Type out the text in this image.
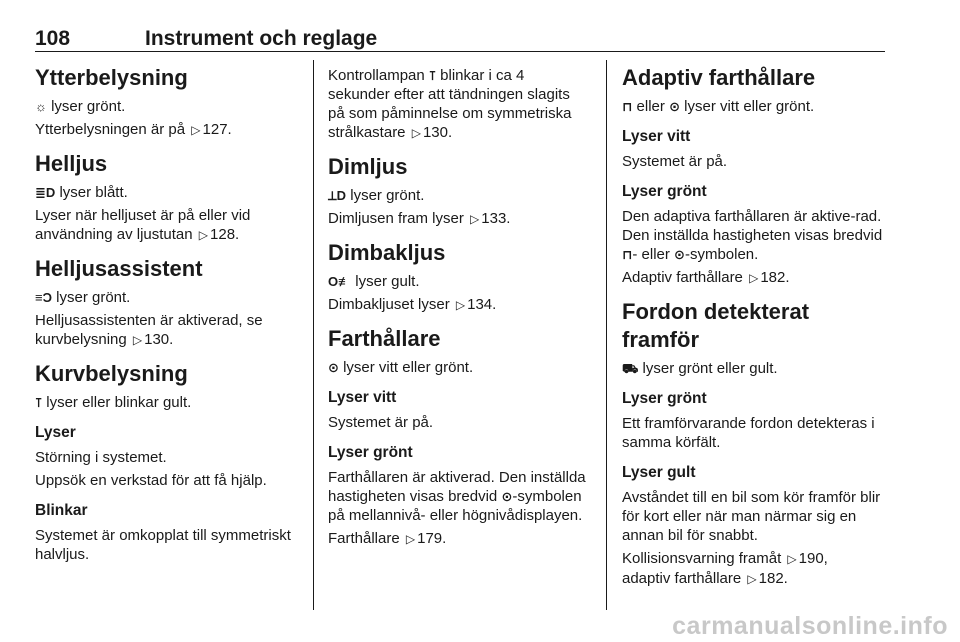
108	Instrument och reglage
Ytterbelysning

☼ lyser grönt.

Ytterbelysningen är på ▷ 127.

Helljus

≣D lyser blått.

Lyser när helljuset är på eller vid användning av ljustutan ▷ 128.

Helljusassistent

≡Ɔ lyser grönt.

Helljusassistenten är aktiverad, se kurvbelysning ▷ 130.

Kurvbelysning

⊺ lyser eller blinkar gult.

Lyser

Störning i systemet.

Uppsök en verkstad för att få hjälp.

Blinkar

Systemet är omkopplat till symmetriskt halvljus.

Kontrollampan ⊺ blinkar i ca 4 sekunder efter att tändningen slagits på som påminnelse om symmetriska strålkastare ▷ 130.

Dimljus

⟂D lyser grönt.

Dimljusen fram lyser ▷ 133.

Dimbakljus

O≢ lyser gult.

Dimbakljuset lyser ▷ 134.

Farthållare

⊙ lyser vitt eller grönt.

Lyser vitt

Systemet är på.

Lyser grönt

Farthållaren är aktiverad. Den inställda hastigheten visas bredvid ⊙-symbolen på mellannivå- eller högnivådisplayen.

Farthållare ▷ 179.

Adaptiv farthållare

⊓ eller ⊙ lyser vitt eller grönt.

Lyser vitt

Systemet är på.

Lyser grönt

Den adaptiva farthållaren är aktive-rad. Den inställda hastigheten visas bredvid ⊓- eller ⊙-symbolen.

Adaptiv farthållare ▷ 182.

Fordon detekterat framför

⛟ lyser grönt eller gult.

Lyser grönt

Ett framförvarande fordon detekteras i samma körfält.

Lyser gult

Avståndet till en bil som kör framför blir för kort eller när man närmar sig en annan bil för snabbt.

Kollisionsvarning framåt ▷ 190,
adaptiv farthållare ▷ 182.

carmanualsonline.info
